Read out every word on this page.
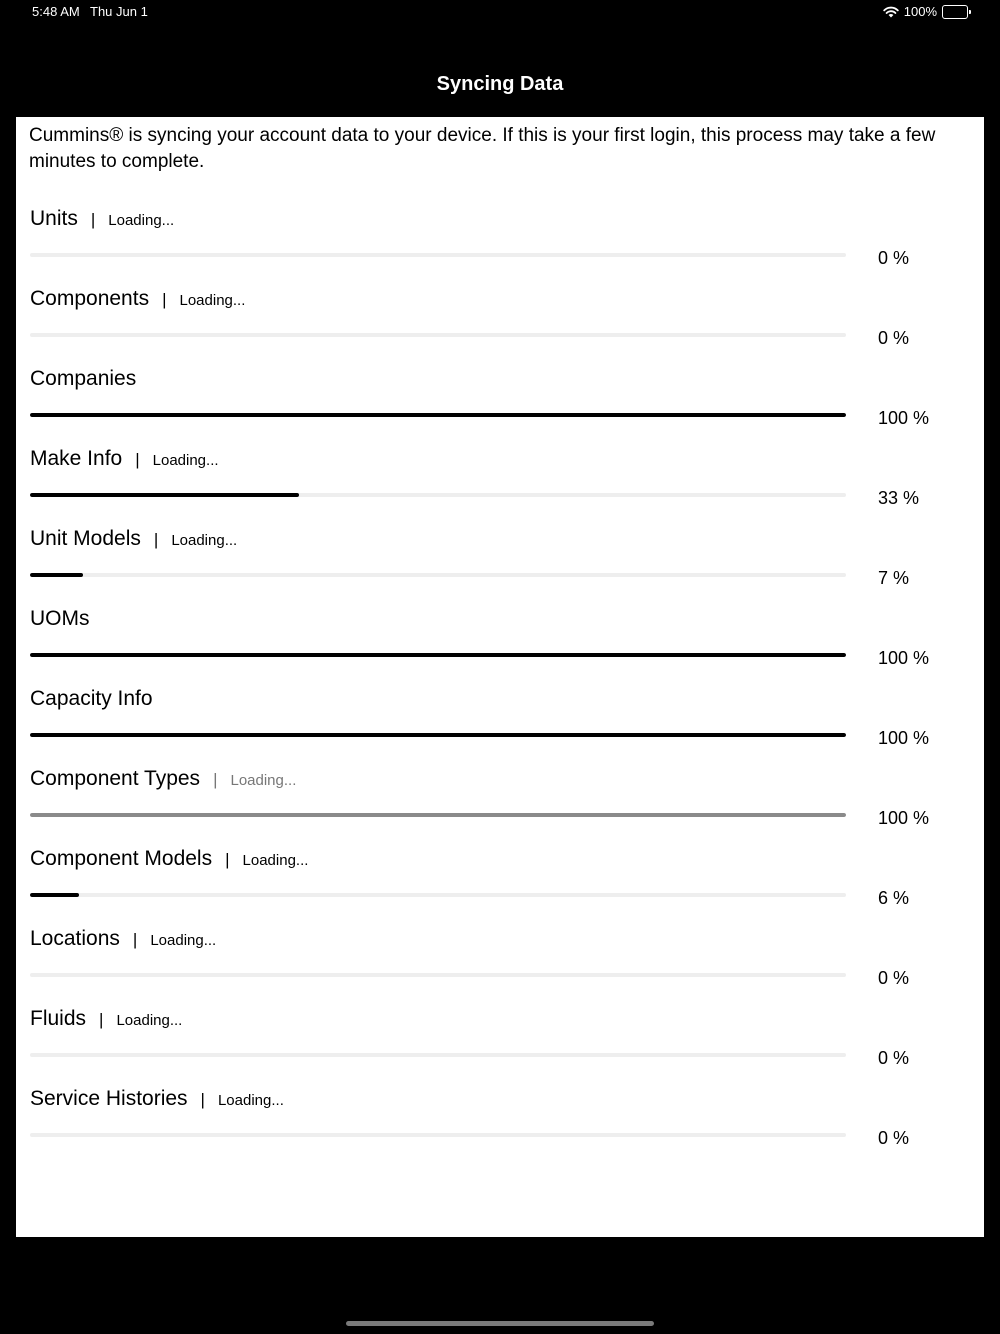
5:48 AM Thu Jun 1	100%
Syncing Data
Cummins® is syncing your account data to your device. If this is your first login, this process may take a few minutes to complete.
Units | Loading...
0 %
Components | Loading...
0 %
Companies
100 %
Make Info | Loading...
33 %
Unit Models | Loading...
7 %
UOMs
100 %
Capacity Info
100 %
Component Types | Loading...
100 %
Component Models | Loading...
6 %
Locations | Loading...
0 %
Fluids | Loading...
0 %
Service Histories | Loading...
0 %
